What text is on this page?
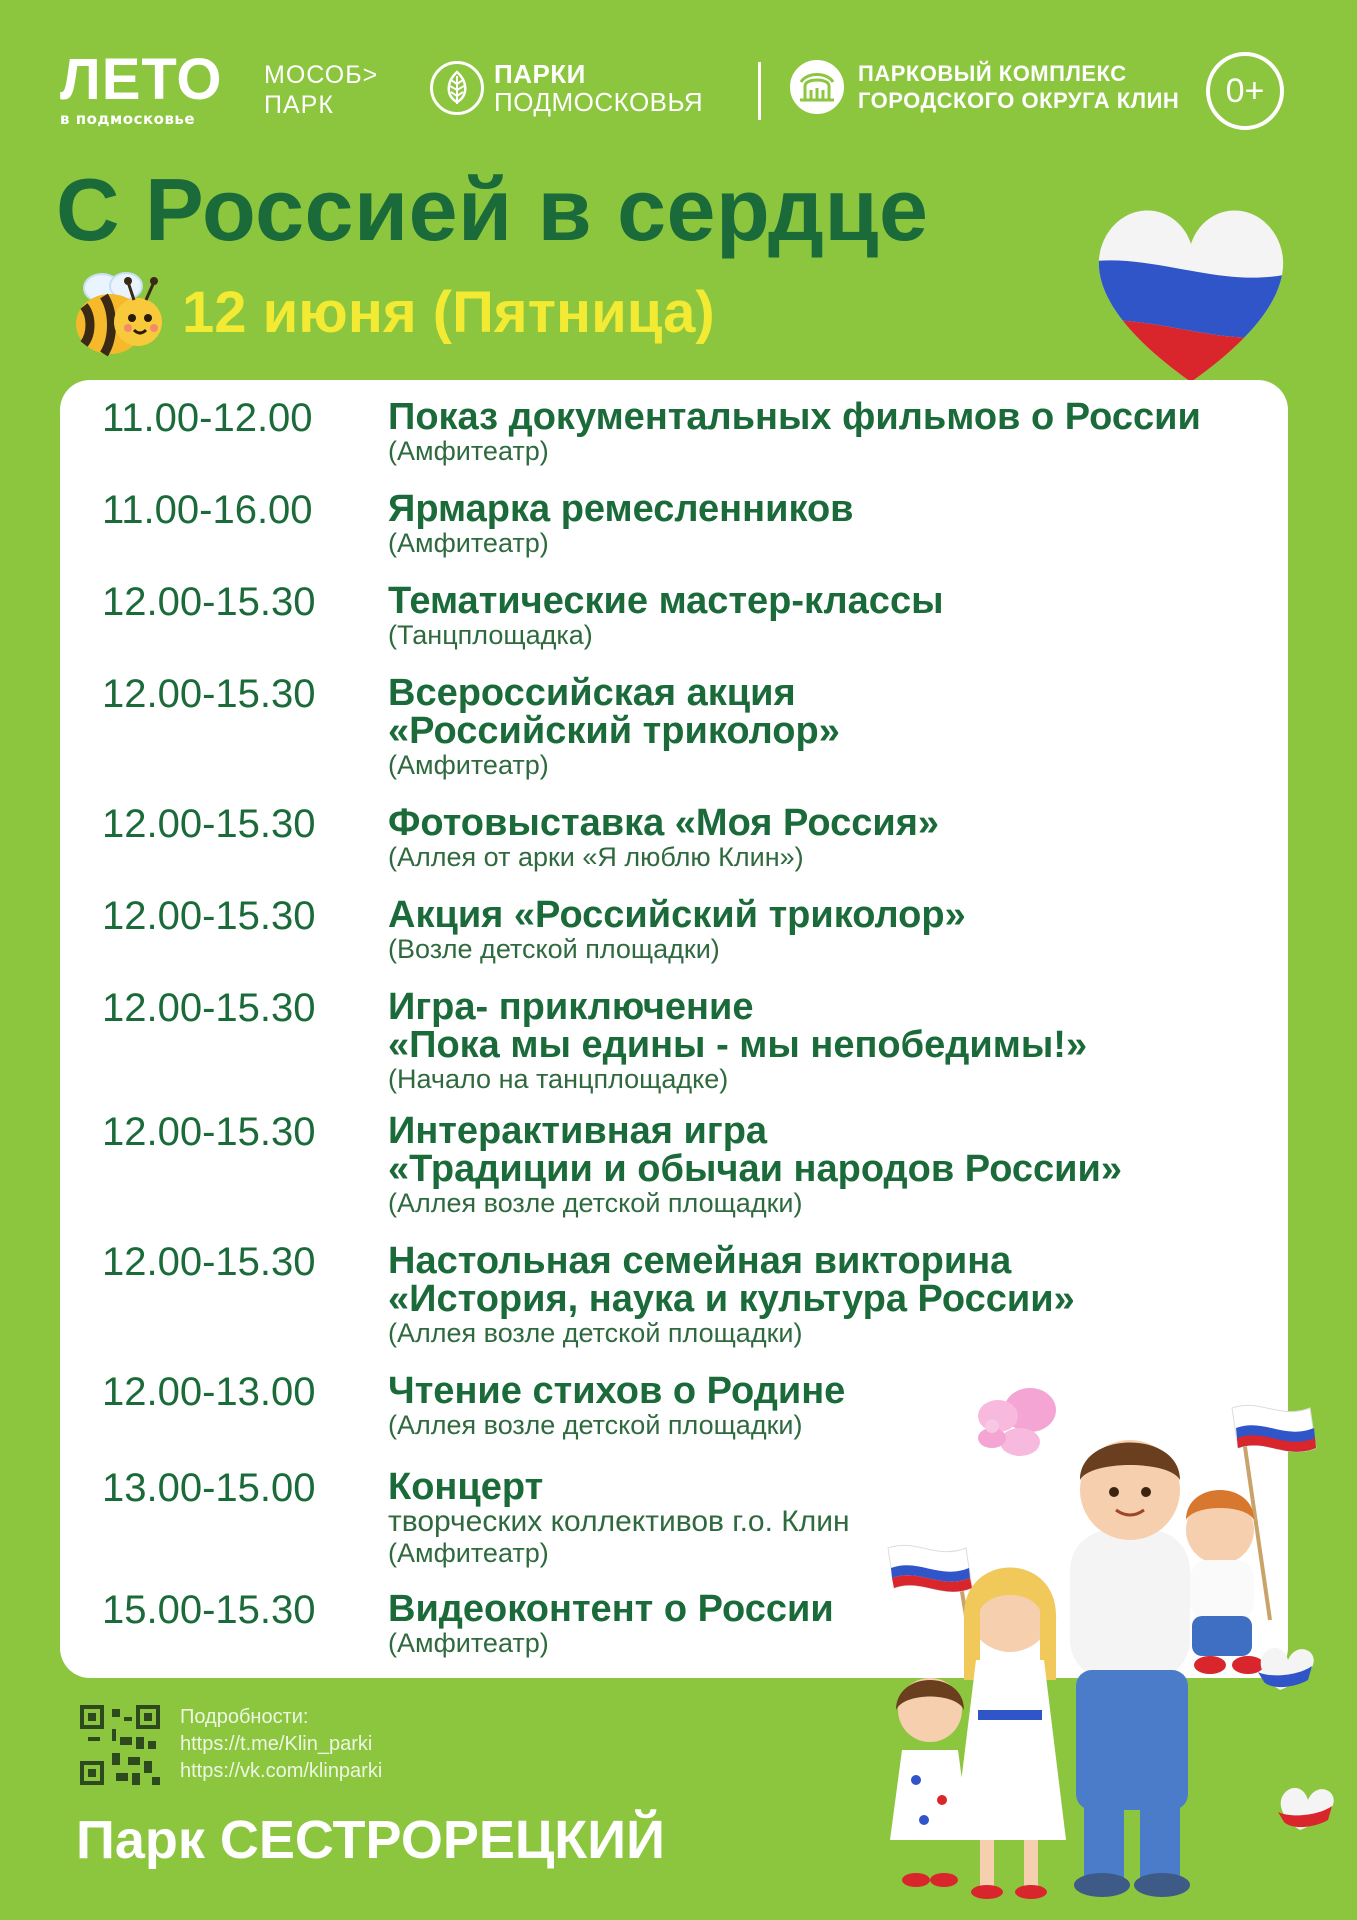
ЛЕТО
в подмосковье
МОСОБ>
ПАРК
ПАРКИ
ПОДМОСКОВЬЯ
ПАРКОВЫЙ КОМПЛЕКС
ГОРОДСКОГО ОКРУГА КЛИН	0+
С Россией в сердце
12 июня (Пятница)
11.00-12.00 Показ документальных фильмов о России
(Амфитеатр)
11.00-16.00 Ярмарка ремесленников
(Амфитеатр)
12.00-15.30 Тематические мастер-классы
(Танцплощадка)
12.00-15.30 Всероссийская акция
«Российский триколор»
(Амфитеатр)
12.00-15.30 Фотовыставка «Моя Россия»
(Аллея от арки «Я люблю Клин»)
12.00-15.30 Акция «Российский триколор»
(Возле детской площадки)
12.00-15.30 Игра- приключение
«Пока мы едины - мы непобедимы!»
(Начало на танцплощадке)
12.00-15.30 Интерактивная игра
«Традиции и обычаи народов России»
(Аллея возле детской площадки)
12.00-15.30 Настольная семейная викторина
«История, наука и культура России»
(Аллея возле детской площадки)
12.00-13.00 Чтение стихов о Родине
(Аллея возле детской площадки)
13.00-15.00 Концерт
творческих коллективов г.о. Клин
(Амфитеатр)
15.00-15.30 Видеоконтент о России
(Амфитеатр)
Подробности:
https://t.me/Klin_parki
https://vk.com/klinparki
Парк СЕСТРОРЕЦКИЙ
